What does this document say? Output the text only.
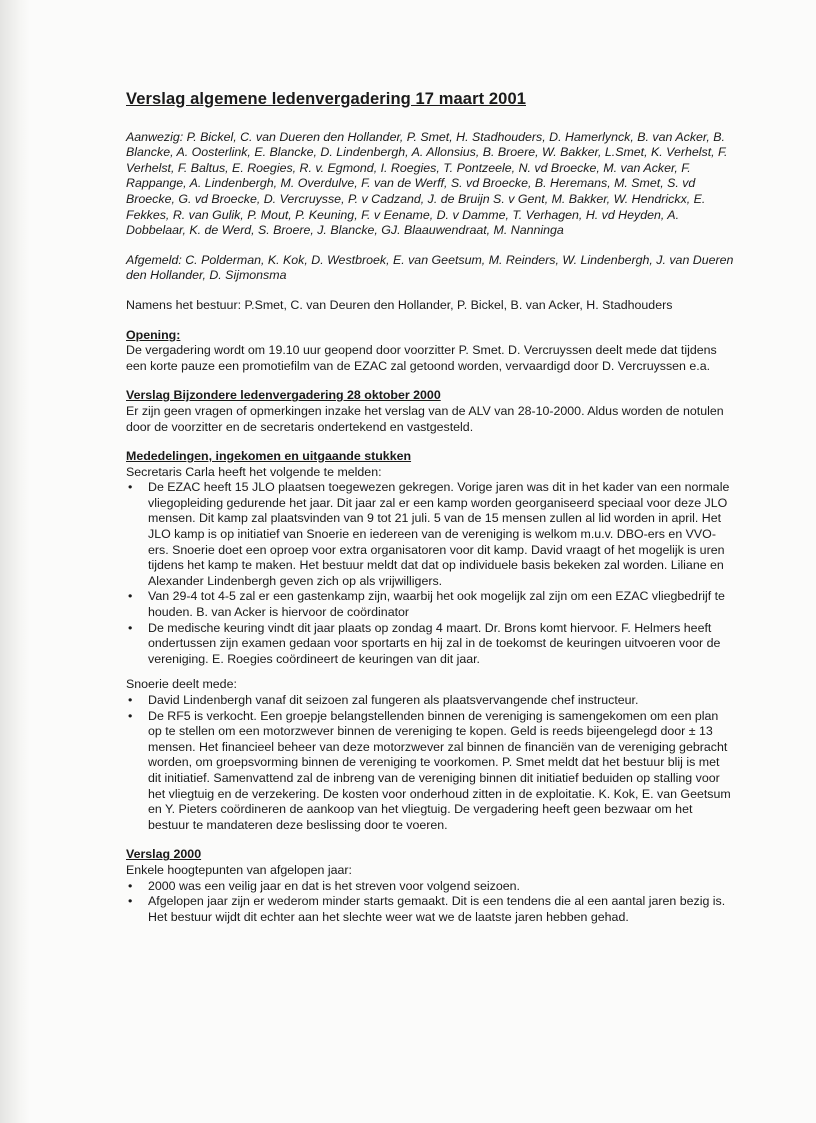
Verslag algemene ledenvergadering 17 maart 2001

Aanwezig: P. Bickel, C. van Dueren den Hollander, P. Smet, H. Stadhouders, D. Hamerlynck, B. van Acker, B. Blancke, A. Oosterlink, E. Blancke, D. Lindenbergh, A. Allonsius, B. Broere, W. Bakker, L.Smet, K. Verhelst, F. Verhelst, F. Baltus, E. Roegies, R. v. Egmond, I. Roegies, T. Pontzeele, N. vd Broecke, M. van Acker, F. Rappange, A. Lindenbergh, M. Overdulve, F. van de Werff, S. vd Broecke, B. Heremans, M. Smet, S. vd Broecke, G. vd Broecke, D. Vercruysse, P. v Cadzand, J. de Bruijn S. v Gent, M. Bakker, W. Hendrickx, E. Fekkes, R. van Gulik, P. Mout, P. Keuning, F. v Eename, D. v Damme, T. Verhagen, H. vd Heyden, A. Dobbelaar, K. de Werd, S. Broere, J. Blancke, GJ. Blaauwendraat, M. Nanninga

Afgemeld: C. Polderman, K. Kok, D. Westbroek, E. van Geetsum, M. Reinders, W. Lindenbergh, J. van Dueren den Hollander, D. Sijmonsma

Namens het bestuur: P.Smet, C. van Deuren den Hollander, P. Bickel, B. van Acker, H. Stadhouders

Opening:

De vergadering wordt om 19.10 uur geopend door voorzitter P. Smet. D. Vercruyssen deelt mede dat tijdens een korte pauze een promotiefilm van de EZAC zal getoond worden, vervaardigd door D. Vercruyssen e.a.

Verslag Bijzondere ledenvergadering 28 oktober 2000

Er zijn geen vragen of opmerkingen inzake het verslag van de ALV van 28-10-2000. Aldus worden de notulen door de voorzitter en de secretaris ondertekend en vastgesteld.

Mededelingen, ingekomen en uitgaande stukken

Secretaris Carla heeft het volgende te melden:

• De EZAC heeft 15 JLO plaatsen toegewezen gekregen. Vorige jaren was dit in het kader van een normale vliegopleiding gedurende het jaar. Dit jaar zal er een kamp worden georganiseerd speciaal voor deze JLO mensen. Dit kamp zal plaatsvinden van 9 tot 21 juli. 5 van de 15 mensen zullen al lid worden in april. Het JLO kamp is op initiatief van Snoerie en iedereen van de vereniging is welkom m.u.v. DBO-ers en VVO-ers. Snoerie doet een oproep voor extra organisatoren voor dit kamp. David vraagt of het mogelijk is uren tijdens het kamp te maken. Het bestuur meldt dat dat op individuele basis bekeken zal worden. Liliane en Alexander Lindenbergh geven zich op als vrijwilligers.
• Van 29-4 tot 4-5 zal er een gastenkamp zijn, waarbij het ook mogelijk zal zijn om een EZAC vliegbedrijf te houden. B. van Acker is hiervoor de coördinator
• De medische keuring vindt dit jaar plaats op zondag 4 maart. Dr. Brons komt hiervoor. F. Helmers heeft ondertussen zijn examen gedaan voor sportarts en hij zal in de toekomst de keuringen uitvoeren voor de vereniging. E. Roegies coördineert de keuringen van dit jaar.

Snoerie deelt mede:

• David Lindenbergh vanaf dit seizoen zal fungeren als plaatsvervangende chef instructeur.
• De RF5 is verkocht. Een groepje belangstellenden binnen de vereniging is samengekomen om een plan op te stellen om een motorzwever binnen de vereniging te kopen. Geld is reeds bijeengelegd door ± 13 mensen. Het financieel beheer van deze motorzwever zal binnen de financiën van de vereniging gebracht worden, om groepsvorming binnen de vereniging te voorkomen. P. Smet meldt dat het bestuur blij is met dit initiatief. Samenvattend zal de inbreng van de vereniging binnen dit initiatief beduiden op stalling voor het vliegtuig en de verzekering. De kosten voor onderhoud zitten in de exploitatie. K. Kok, E. van Geetsum en Y. Pieters coördineren de aankoop van het vliegtuig. De vergadering heeft geen bezwaar om het bestuur te mandateren deze beslissing door te voeren.

Verslag 2000

Enkele hoogtepunten van afgelopen jaar:

• 2000 was een veilig jaar en dat is het streven voor volgend seizoen.
• Afgelopen jaar zijn er wederom minder starts gemaakt. Dit is een tendens die al een aantal jaren bezig is. Het bestuur wijdt dit echter aan het slechte weer wat we de laatste jaren hebben gehad.
